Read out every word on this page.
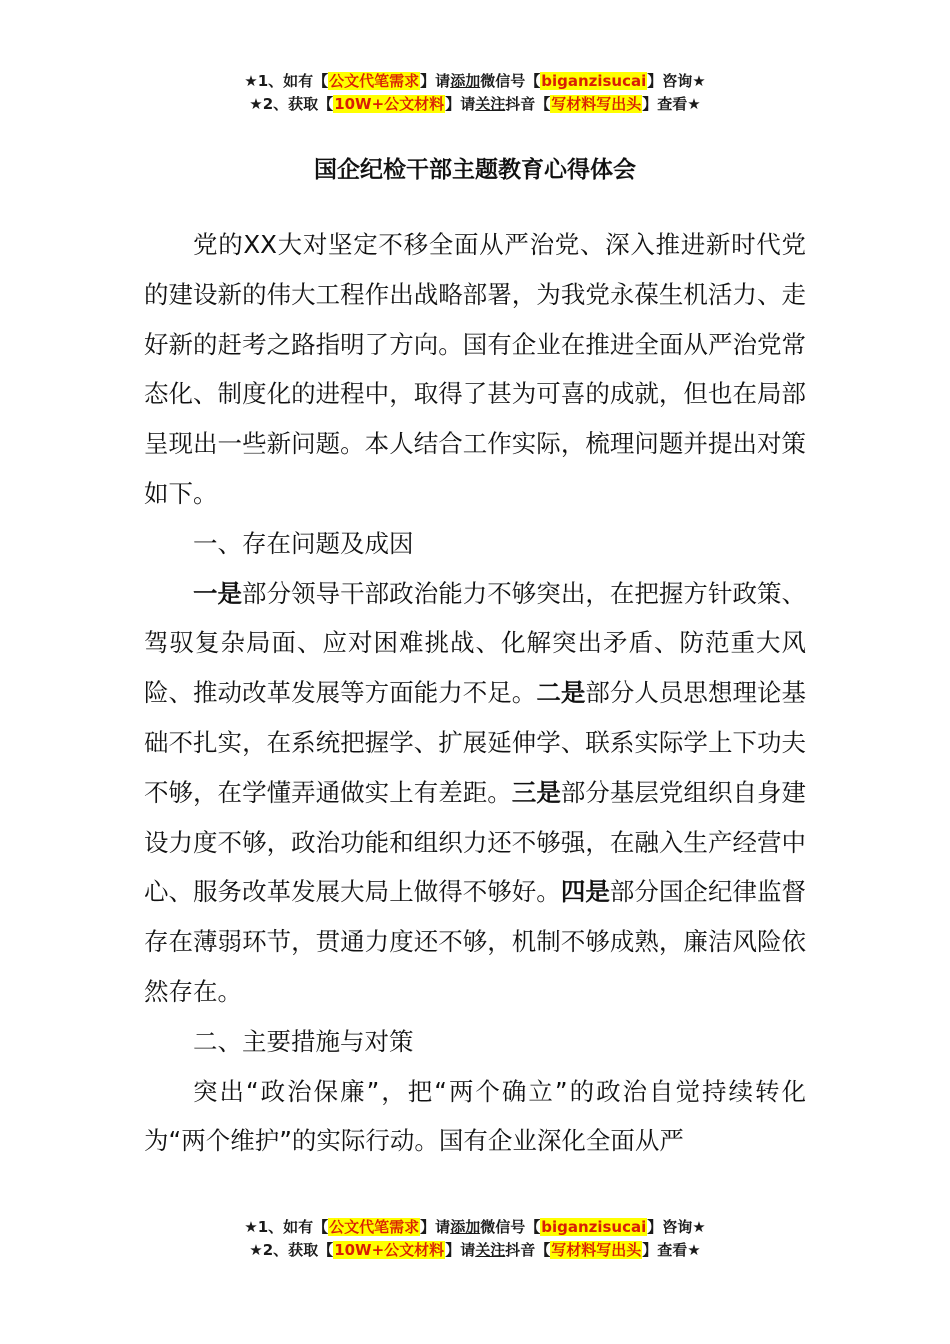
★1、如有【公文代笔需求】请添加微信号【biganzisucai】咨询★
★2、获取【10W+公文材料】请关注抖音【写材料写出头】查看★
国企纪检干部主题教育心得体会

党的XX大对坚定不移全面从严治党、深入推进新时代党的建设新的伟大工程作出战略部署，为我党永葆生机活力、走好新的赶考之路指明了方向。国有企业在推进全面从严治党常态化、制度化的进程中，取得了甚为可喜的成就，但也在局部呈现出一些新问题。本人结合工作实际，梳理问题并提出对策如下。

一、存在问题及成因

一是部分领导干部政治能力不够突出，在把握方针政策、驾驭复杂局面、应对困难挑战、化解突出矛盾、防范重大风险、推动改革发展等方面能力不足。二是部分人员思想理论基础不扎实，在系统把握学、扩展延伸学、联系实际学上下功夫不够，在学懂弄通做实上有差距。三是部分基层党组织自身建设力度不够，政治功能和组织力还不够强，在融入生产经营中心、服务改革发展大局上做得不够好。四是部分国企纪律监督存在薄弱环节，贯通力度还不够，机制不够成熟，廉洁风险依然存在。

二、主要措施与对策

突出“政治保廉”，把“两个确立”的政治自觉持续转化为“两个维护”的实际行动。国有企业深化全面从严

★1、如有【公文代笔需求】请添加微信号【biganzisucai】咨询★
★2、获取【10W+公文材料】请关注抖音【写材料写出头】查看★
